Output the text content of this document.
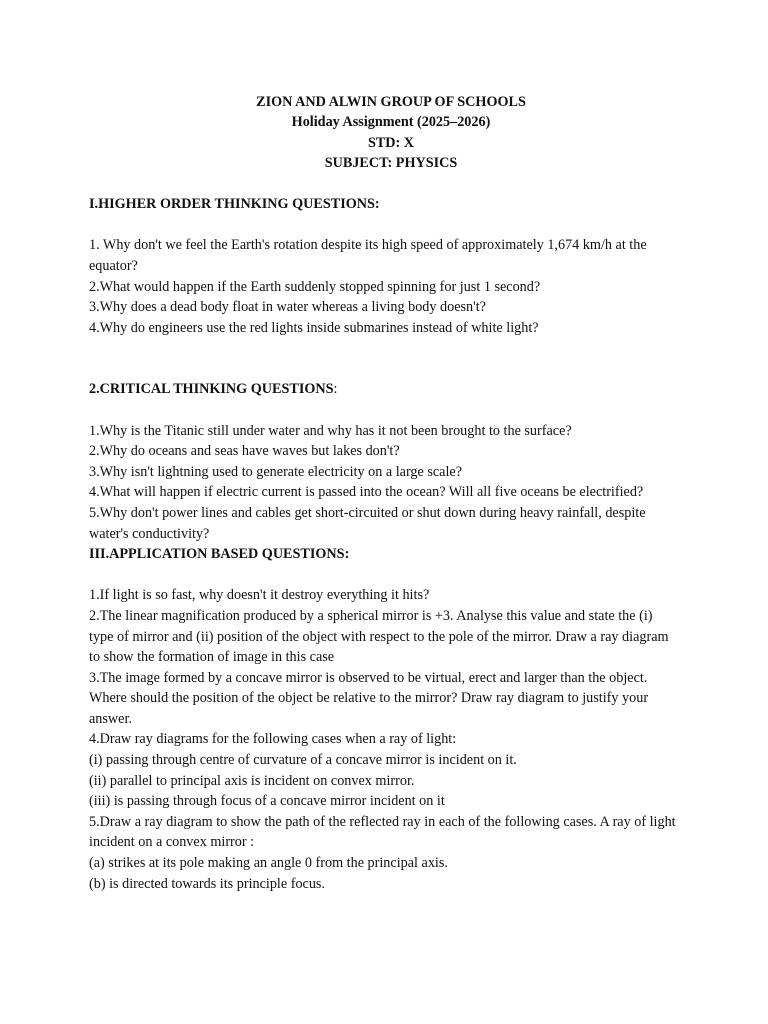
ZION AND ALWIN GROUP OF SCHOOLS
Holiday Assignment (2025–2026)
STD: X
SUBJECT: PHYSICS
I.HIGHER ORDER THINKING QUESTIONS:

1. Why don't we feel the Earth's rotation despite its high speed of approximately 1,674 km/h at the equator?

2.What would happen if the Earth suddenly stopped spinning for just 1 second?

3.Why does a dead body float in water whereas a living body doesn't?

4.Why do engineers use the red lights inside submarines instead of white light?

2.CRITICAL THINKING QUESTIONS:

1.Why is the Titanic still under water and why has it not been brought to the surface?

2.Why do oceans and seas have waves but lakes don't?

3.Why isn't lightning used to generate electricity on a large scale?

4.What will happen if electric current is passed into the ocean? Will all five oceans be electrified?

5.Why don't power lines and cables get short-circuited or shut down during heavy rainfall, despite water's conductivity?

III.APPLICATION BASED QUESTIONS:

1.If light is so fast, why doesn't it destroy everything it hits?

2.The linear magnification produced by a spherical mirror is +3. Analyse this value and state the (i) type of mirror and (ii) position of the object with respect to the pole of the mirror. Draw a ray diagram to show the formation of image in this case

3.The image formed by a concave mirror is observed to be virtual, erect and larger than the object. Where should the position of the object be relative to the mirror? Draw ray diagram to justify your answer.

4.Draw ray diagrams for the following cases when a ray of light:

(i) passing through centre of curvature of a concave mirror is incident on it.

(ii) parallel to principal axis is incident on convex mirror.

(iii) is passing through focus of a concave mirror incident on it

5.Draw a ray diagram to show the path of the reflected ray in each of the following cases. A ray of light incident on a convex mirror :

(a) strikes at its pole making an angle 0 from the principal axis.

(b) is directed towards its principle focus.
